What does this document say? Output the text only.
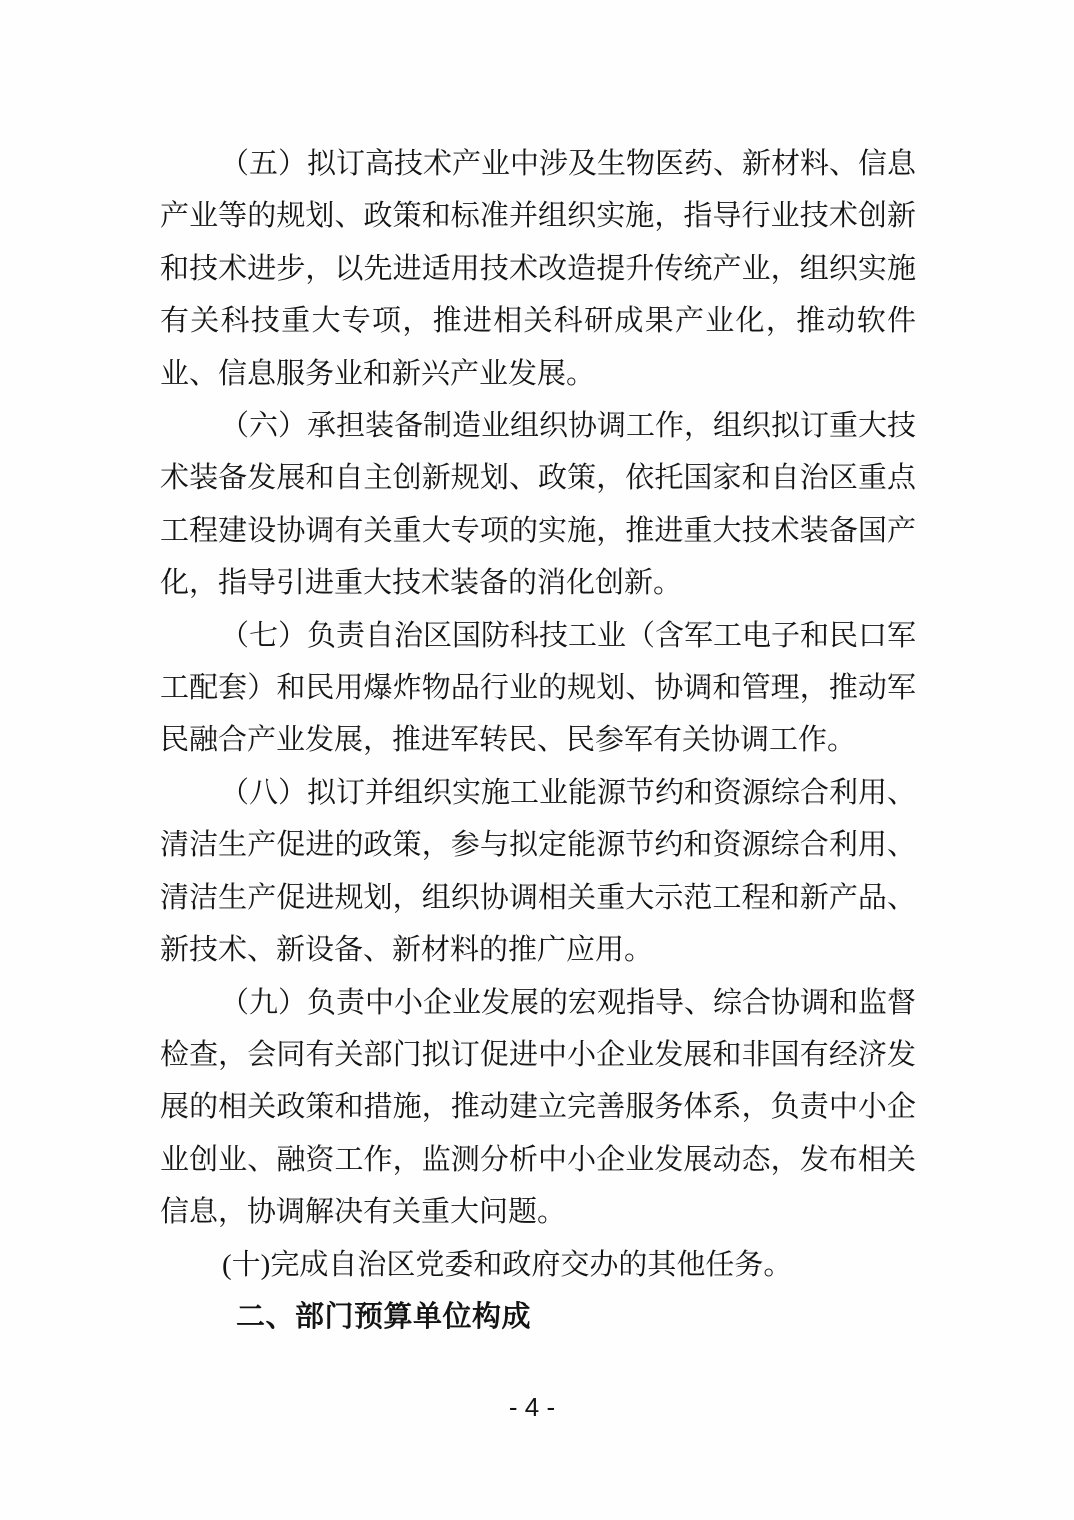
（五）拟订高技术产业中涉及生物医药、新材料、信息产业等的规划、政策和标准并组织实施，指导行业技术创新和技术进步，以先进适用技术改造提升传统产业，组织实施有关科技重大专项，推进相关科研成果产业化，推动软件业、信息服务业和新兴产业发展。

（六）承担装备制造业组织协调工作，组织拟订重大技术装备发展和自主创新规划、政策，依托国家和自治区重点工程建设协调有关重大专项的实施，推进重大技术装备国产化，指导引进重大技术装备的消化创新。

（七）负责自治区国防科技工业（含军工电子和民口军工配套）和民用爆炸物品行业的规划、协调和管理，推动军民融合产业发展，推进军转民、民参军有关协调工作。

（八）拟订并组织实施工业能源节约和资源综合利用、清洁生产促进的政策，参与拟定能源节约和资源综合利用、清洁生产促进规划，组织协调相关重大示范工程和新产品、新技术、新设备、新材料的推广应用。

（九）负责中小企业发展的宏观指导、综合协调和监督检查，会同有关部门拟订促进中小企业发展和非国有经济发展的相关政策和措施，推动建立完善服务体系，负责中小企业创业、融资工作，监测分析中小企业发展动态，发布相关信息，协调解决有关重大问题。

(十)完成自治区党委和政府交办的其他任务。

二、部门预算单位构成
- 4 -
